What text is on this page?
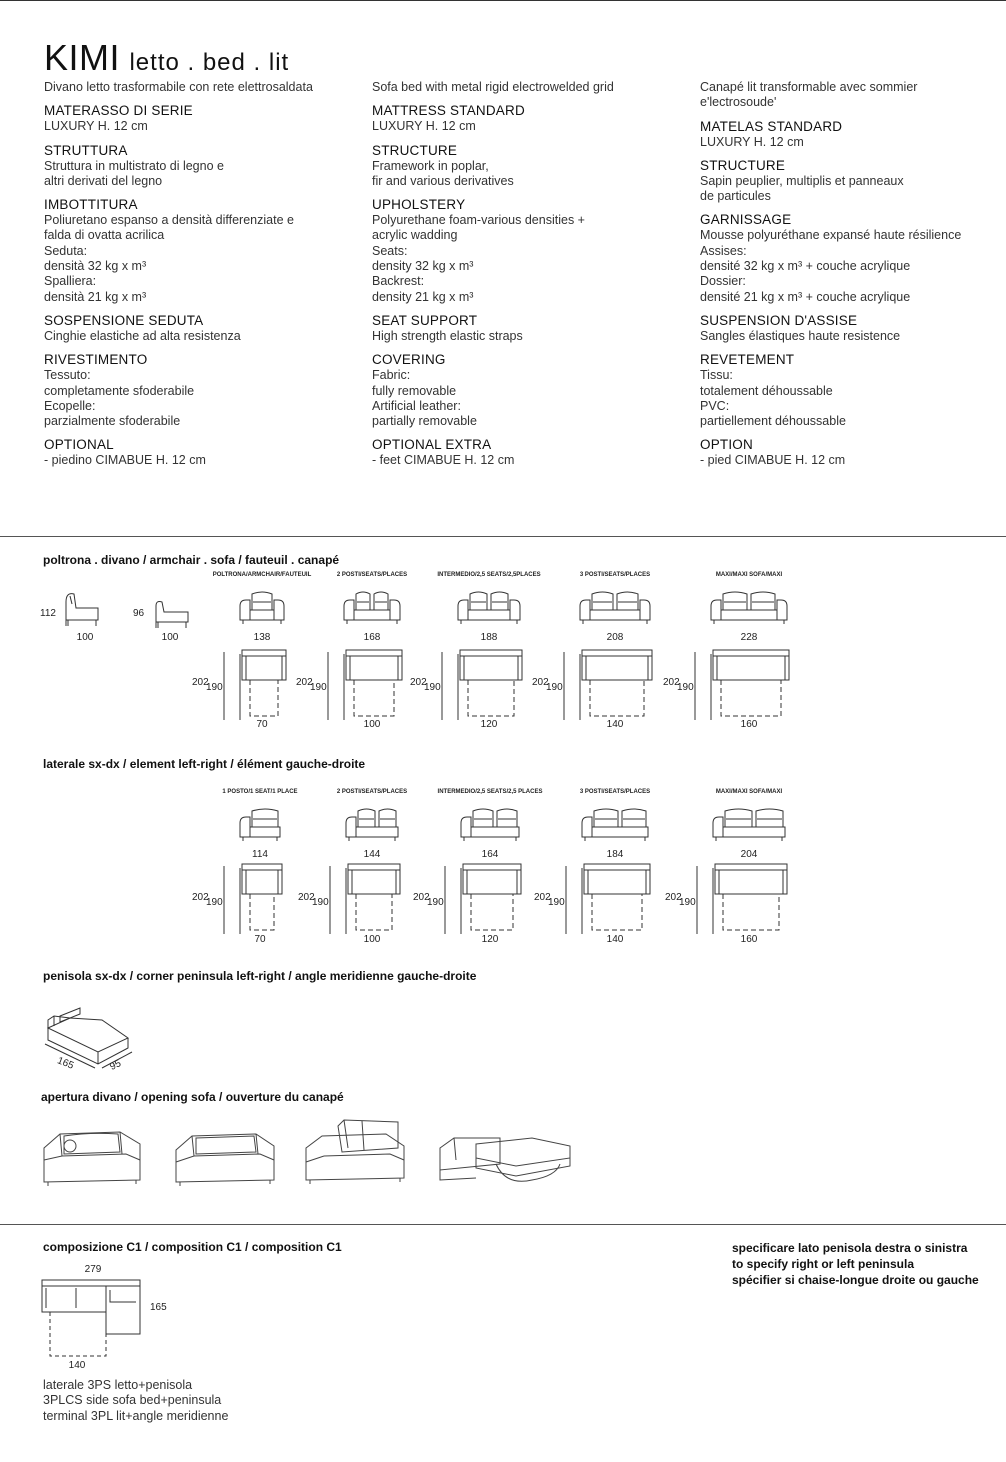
KIMI letto . bed . lit

Divano letto trasformabile con rete elettrosaldata

MATERASSO DI SERIE
LUXURY H. 12 cm
STRUTTURA
Struttura in multistrato di legno e
altri derivati del legno
IMBOTTITURA
Poliuretano espanso a densità differenziate e
falda di ovatta acrilica
Seduta:
densità 32 kg x m³
Spalliera:
densità 21 kg x m³
SOSPENSIONE SEDUTA
Cinghie elastiche ad alta resistenza
RIVESTIMENTO
Tessuto:
completamente sfoderabile
Ecopelle:
parzialmente sfoderabile
OPTIONAL
- piedino CIMABUE H. 12 cm

Sofa bed with metal rigid electrowelded grid

MATTRESS STANDARD
LUXURY H. 12 cm
STRUCTURE
Framework in poplar,
fir and various derivatives
UPHOLSTERY
Polyurethane foam-various densities +
acrylic wadding
Seats:
density 32 kg x m³
Backrest:
density 21 kg x m³
SEAT SUPPORT
High strength elastic straps
COVERING
Fabric:
fully removable
Artificial leather:
partially removable
OPTIONAL EXTRA
- feet CIMABUE H. 12 cm

Canapé lit transformable avec sommier
e'lectrosoude'

MATELAS STANDARD
LUXURY H. 12 cm
STRUCTURE
Sapin peuplier, multiplis et panneaux
de particules
GARNISSAGE
Mousse polyuréthane expansé haute résilience
Assises:
densité 32 kg x m³ + couche acrylique
Dossier:
densité 21 kg x m³ + couche acrylique
SUSPENSION D'ASSISE
Sangles élastiques haute resistence
REVETEMENT
Tissu:
totalement déhoussable
PVC:
partiellement déhoussable
OPTION
- pied CIMABUE H. 12 cm
poltrona . divano / armchair . sofa / fauteuil . canapé
laterale sx-dx / element left-right / élément gauche-droite
penisola sx-dx / corner peninsula left-right / angle meridienne gauche-droite
165	95
apertura divano / opening sofa / ouverture du canapé
composizione C1 / composition C1 / composition C1
279
165
140
laterale 3PS letto+penisola
3PLCS side sofa bed+peninsula
terminal 3PL lit+angle meridienne
specificare lato penisola destra o sinistra
to specify right or left peninsula
spécifier si chaise-longue droite ou gauche
112
100
96
100
POLTRONA/ARMCHAIR/FAUTEUIL
138
202
190
70
2 POSTI/SEATS/PLACES
168
202
190
100
INTERMEDIO/2,5 SEATS/2,5PLACES
188
202
190
120
3 POSTI/SEATS/PLACES
208
202
190
140
MAXI/MAXI SOFA/MAXI
228
202
190
160
1 POSTO/1 SEAT/1 PLACE
114
202
190
70
2 POSTI/SEATS/PLACES
144
202
190
100
INTERMEDIO/2,5 SEATS/2,5 PLACES
164
202
190
120
3 POSTI/SEATS/PLACES
184
202
190
140
MAXI/MAXI SOFA/MAXI
204
202
190
160
